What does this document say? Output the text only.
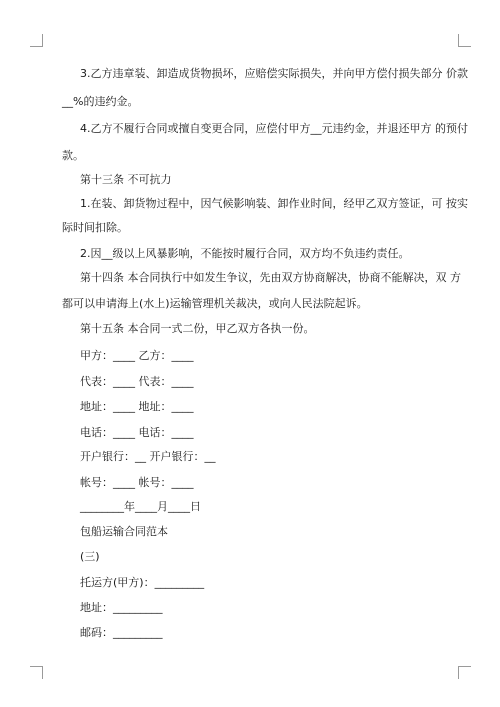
3.乙方违章装、卸造成货物损坏，应赔偿实际损失，并向甲方偿付损失部分 价款
__%的违约金。
4.乙方不履行合同或擅自变更合同，应偿付甲方__元违约金，并退还甲方 的预付
款。
第十三条 不可抗力
1.在装、卸货物过程中，因气候影响装、卸作业时间，经甲乙双方签证，可 按实
际时间扣除。
2.因__级以上风暴影响，不能按时履行合同，双方均不负违约责任。
第十四条 本合同执行中如发生争议，先由双方协商解决，协商不能解决，双 方
都可以申请海上(水上)运输管理机关裁决，或向人民法院起诉。
第十五条 本合同一式二份，甲乙双方各执一份。
甲方：____ 乙方：____
代表：____ 代表：____
地址：____ 地址：____
电话：____ 电话：____
开户银行：__ 开户银行：__
帐号：____ 帐号：____
________年____月____日
包船运输合同范本
(三)
托运方(甲方)：_________
地址：_________
邮码：_________
